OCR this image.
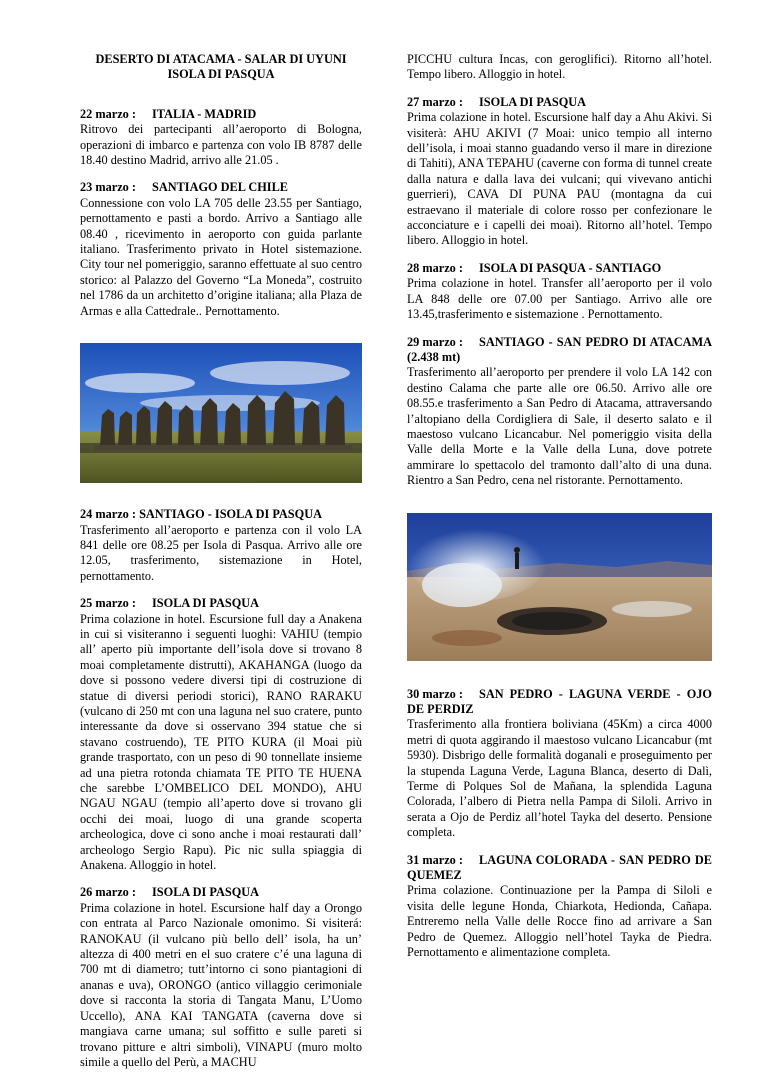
DESERTO DI ATACAMA - SALAR DI UYUNI
ISOLA DI PASQUA
22 marzo : ITALIA - MADRID

Ritrovo dei partecipanti all’aeroporto di Bologna, operazioni di imbarco e partenza con volo IB 8787 delle 18.40 destino Madrid, arrivo alle 21.05 .

23 marzo : SANTIAGO DEL CHILE

Connessione con volo LA 705 delle 23.55 per Santiago, pernottamento e pasti a bordo. Arrivo a Santiago alle 08.40 , ricevimento in aeroporto con guida parlante italiano. Trasferimento privato in Hotel sistemazione. City tour nel pomeriggio, saranno effettuate al suo centro storico: al Palazzo del Governo “La Moneda”, costruito nel 1786 da un architetto d’origine italiana; alla Plaza de Armas e alla Cattedrale.. Pernottamento.

24 marzo : SANTIAGO - ISOLA DI PASQUA

Trasferimento all’aeroporto e partenza con il volo LA 841 delle ore 08.25 per Isola di Pasqua. Arrivo alle ore 12.05, trasferimento, sistemazione in Hotel, pernottamento.

25 marzo : ISOLA DI PASQUA

Prima colazione in hotel. Escursione full day a Anakena in cui si visiteranno i seguenti luoghi: VAHIU (tempio all’ aperto più importante dell’isola dove si trovano 8 moai completamente distrutti), AKAHANGA (luogo da dove si possono vedere diversi tipi di costruzione di statue di diversi periodi storici), RANO RARAKU (vulcano di 250 mt con una laguna nel suo cratere, punto interessante da dove si osservano 394 statue che si stavano costruendo), TE PITO KURA (il Moai più grande trasportato, con un peso di 90 tonnellate insieme ad una pietra rotonda chiamata TE PITO TE HUENA che sarebbe L’OMBELICO DEL MONDO), AHU NGAU NGAU (tempio all’aperto dove si trovano gli occhi dei moai, luogo di una grande scoperta archeologica, dove ci sono anche i moai restaurati dall’ archeologo Sergio Rapu). Pic nic sulla spiaggia di Anakena. Alloggio in hotel.

26 marzo : ISOLA DI PASQUA

Prima colazione in hotel. Escursione half day a Orongo con entrata al Parco Nazionale omonimo. Si visiterá: RANOKAU (il vulcano più bello dell’ isola, ha un’ altezza di 400 metri en el suo cratere c’é una laguna di 700 mt di diametro; tutt’intorno ci sono piantagioni di ananas e uva), ORONGO (antico villaggio cerimoniale dove si racconta la storia di Tangata Manu, L’Uomo Uccello), ANA KAI TANGATA (caverna dove si mangiava carne umana; sul soffitto e sulle pareti si trovano pitture e altri simboli), VINAPU (muro molto simile a quello del Perù, a MACHU

PICCHU cultura Incas, con geroglifici). Ritorno all’hotel. Tempo libero. Alloggio in hotel.

27 marzo : ISOLA DI PASQUA

Prima colazione in hotel. Escursione half day a Ahu Akivi. Si visiterà: AHU AKIVI (7 Moai: unico tempio all interno dell’isola, i moai stanno guadando verso il mare in direzione di Tahiti), ANA TEPAHU (caverne con forma di tunnel create dalla natura e dalla lava dei vulcani; qui vivevano antichi guerrieri), CAVA DI PUNA PAU (montagna da cui estraevano il materiale di colore rosso per confezionare le acconciature e i capelli dei moai). Ritorno all’hotel. Tempo libero. Alloggio in hotel.

28 marzo : ISOLA DI PASQUA - SANTIAGO

Prima colazione in hotel. Transfer all’aeroporto per il volo LA 848 delle ore 07.00 per Santiago. Arrivo alle ore 13.45,trasferimento e sistemazione . Pernottamento.

29 marzo : SANTIAGO - SAN PEDRO DI ATACAMA (2.438 mt)

Trasferimento all’aeroporto per prendere il volo LA 142 con destino Calama che parte alle ore 06.50. Arrivo alle ore 08.55.e trasferimento a San Pedro di Atacama, attraversando l’altopiano della Cordigliera di Sale, il deserto salato e il maestoso vulcano Licancabur. Nel pomeriggio visita della Valle della Morte e la Valle della Luna, dove potrete ammirare lo spettacolo del tramonto dall’alto di una duna. Rientro a San Pedro, cena nel ristorante. Pernottamento.

30 marzo : SAN PEDRO - LAGUNA VERDE - OJO DE PERDIZ

Trasferimento alla frontiera boliviana (45Km) a circa 4000 metri di quota aggirando il maestoso vulcano Licancabur (mt 5930). Disbrigo delle formalità doganali e proseguimento per la stupenda Laguna Verde, Laguna Blanca, deserto di Dalì, Terme di Polques Sol de Mañana, la splendida Laguna Colorada, l’albero di Pietra nella Pampa di Siloli. Arrivo in serata a Ojo de Perdiz all’hotel Tayka del deserto. Pensione completa.

31 marzo : LAGUNA COLORADA - SAN PEDRO DE QUEMEZ

Prima colazione. Continuazione per la Pampa di Siloli e visita delle legune Honda, Chiarkota, Hedionda, Cañapa. Entreremo nella Valle delle Rocce fino ad arrivare a San Pedro de Quemez. Alloggio nell’hotel Tayka de Piedra. Pernottamento e alimentazione completa.
